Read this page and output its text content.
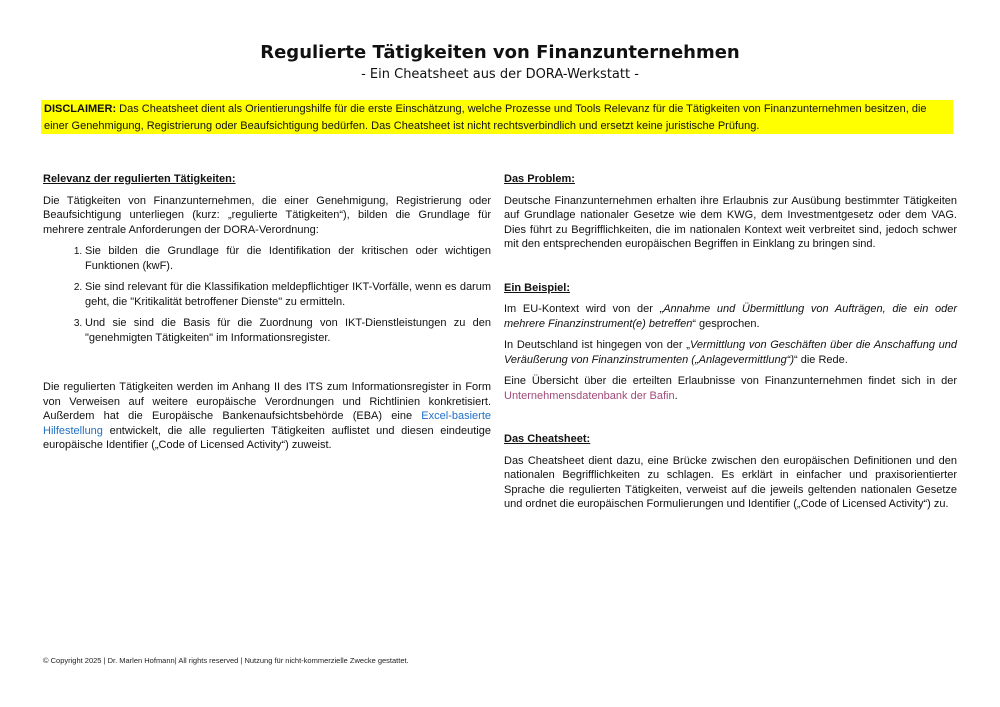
Regulierte Tätigkeiten von Finanzunternehmen
- Ein Cheatsheet aus der DORA-Werkstatt -
DISCLAIMER: Das Cheatsheet dient als Orientierungshilfe für die erste Einschätzung, welche Prozesse und Tools Relevanz für die Tätigkeiten von Finanzunternehmen besitzen, die einer Genehmigung, Registrierung oder Beaufsichtigung bedürfen. Das Cheatsheet ist nicht rechtsverbindlich und ersetzt keine juristische Prüfung.
Relevanz der regulierten Tätigkeiten:

Die Tätigkeiten von Finanzunternehmen, die einer Genehmigung, Registrierung oder Beaufsichtigung unterliegen (kurz: „regulierte Tätigkeiten“), bilden die Grundlage für mehrere zentrale Anforderungen der DORA-Verordnung:

1. Sie bilden die Grundlage für die Identifikation der kritischen oder wichtigen Funktionen (kwF).
2. Sie sind relevant für die Klassifikation meldepflichtiger IKT-Vorfälle, wenn es darum geht, die "Kritikalität betroffener Dienste" zu ermitteln.
3. Und sie sind die Basis für die Zuordnung von IKT-Dienstleistungen zu den "genehmigten Tätigkeiten" im Informationsregister.

Die regulierten Tätigkeiten werden im Anhang II des ITS zum Informationsregister in Form von Verweisen auf weitere europäische Verordnungen und Richtlinien konkretisiert. Außerdem hat die Europäische Bankenaufsichtsbehörde (EBA) eine Excel-basierte Hilfestellung entwickelt, die alle regulierten Tätigkeiten auflistet und diesen eindeutige europäische Identifier („Code of Licensed Activity“) zuweist.

Das Problem:

Deutsche Finanzunternehmen erhalten ihre Erlaubnis zur Ausübung bestimmter Tätigkeiten auf Grundlage nationaler Gesetze wie dem KWG, dem Investmentgesetz oder dem VAG. Dies führt zu Begrifflichkeiten, die im nationalen Kontext weit verbreitet sind, jedoch schwer mit den entsprechenden europäischen Begriffen in Einklang zu bringen sind.

Ein Beispiel:

Im EU-Kontext wird von der „Annahme und Übermittlung von Aufträgen, die ein oder mehrere Finanzinstrument(e) betreffen“ gesprochen.

In Deutschland ist hingegen von der „Vermittlung von Geschäften über die Anschaffung und Veräußerung von Finanzinstrumenten („Anlagevermittlung“)“ die Rede.

Eine Übersicht über die erteilten Erlaubnisse von Finanzunternehmen findet sich in der Unternehmensdatenbank der Bafin.

Das Cheatsheet:

Das Cheatsheet dient dazu, eine Brücke zwischen den europäischen Definitionen und den nationalen Begrifflichkeiten zu schlagen. Es erklärt in einfacher und praxisorientierter Sprache die regulierten Tätigkeiten, verweist auf die jeweils geltenden nationalen Gesetze und ordnet die europäischen Formulierungen und Identifier („Code of Licensed Activity“) zu.

© Copyright 2025 | Dr. Marlen Hofmann| All rights reserved | Nutzung für nicht-kommerzielle Zwecke gestattet.
